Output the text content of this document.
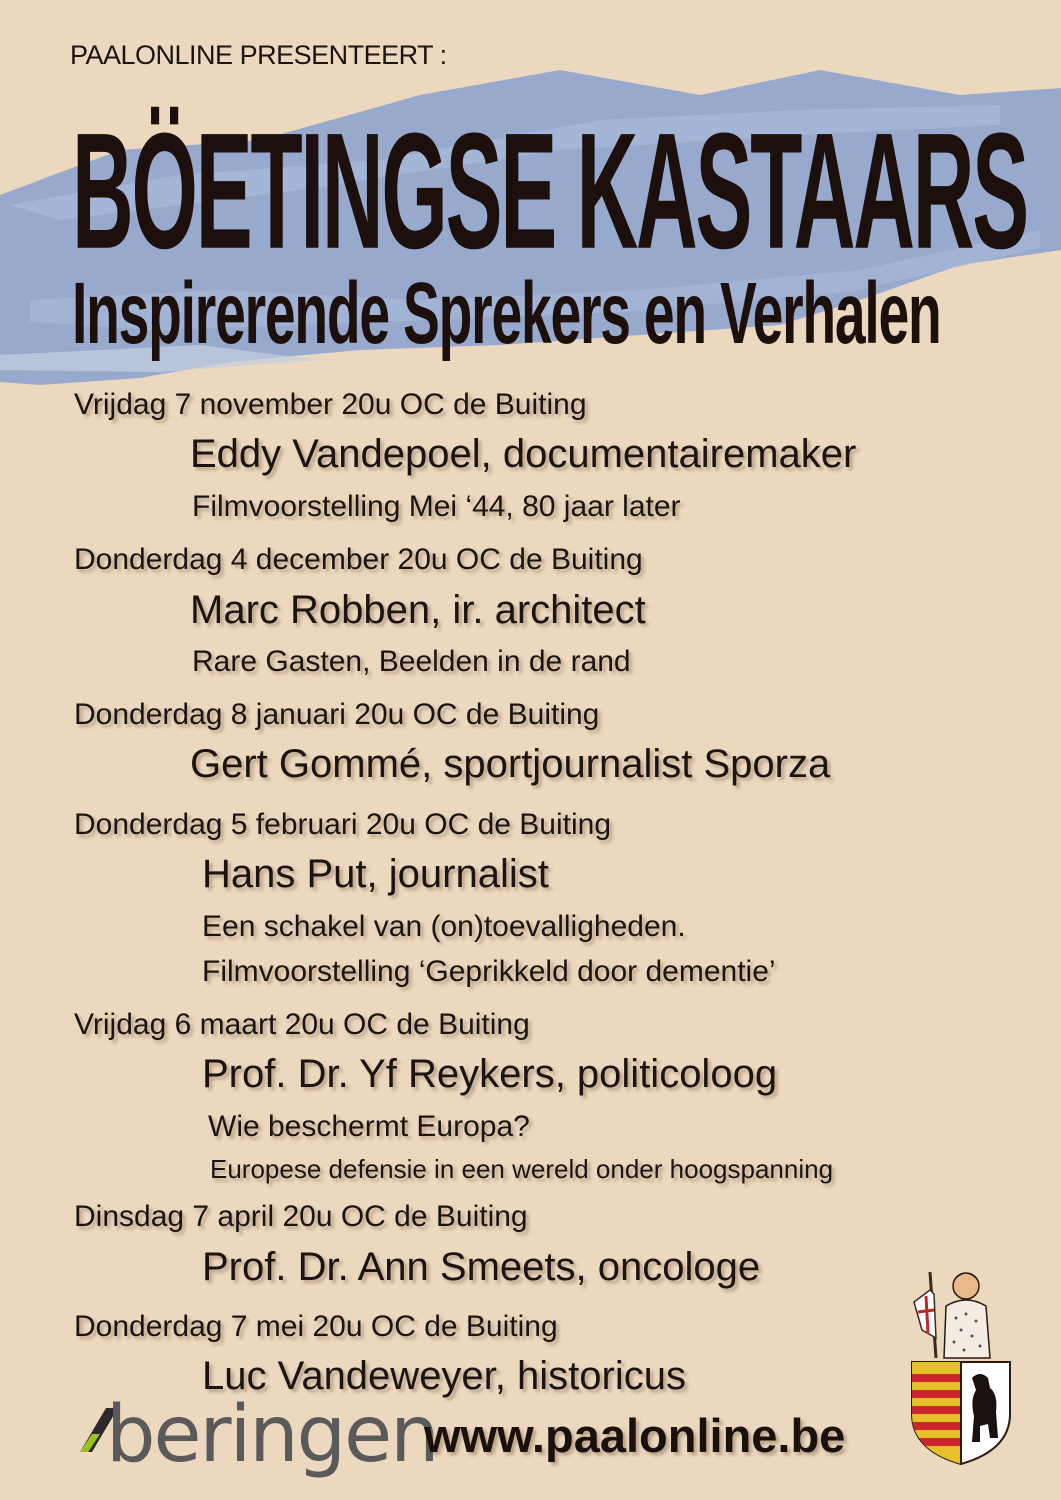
PAALONLINE PRESENTEERT :
BÖETINGSE KASTAARS
Inspirerende Sprekers en Verhalen
Vrijdag 7 november 20u OC de Buiting
Eddy Vandepoel, documentairemaker
Filmvoorstelling Mei ‘44, 80 jaar later
Donderdag 4 december 20u OC de Buiting
Marc Robben, ir. architect
Rare Gasten, Beelden in de rand
Donderdag 8 januari 20u OC de Buiting
Gert Gommé, sportjournalist Sporza
Donderdag 5 februari 20u OC de Buiting
Hans Put, journalist
Een schakel van (on)toevalligheden.
Filmvoorstelling ‘Geprikkeld door dementie’
Vrijdag 6 maart 20u OC de Buiting
Prof. Dr. Yf Reykers, politicoloog
Wie beschermt Europa?
Europese defensie in een wereld onder hoogspanning
Dinsdag 7 april 20u OC de Buiting
Prof. Dr. Ann Smeets, oncologe
Donderdag 7 mei 20u OC de Buiting
Luc Vandeweyer, historicus
beringen
www.paalonline.be
